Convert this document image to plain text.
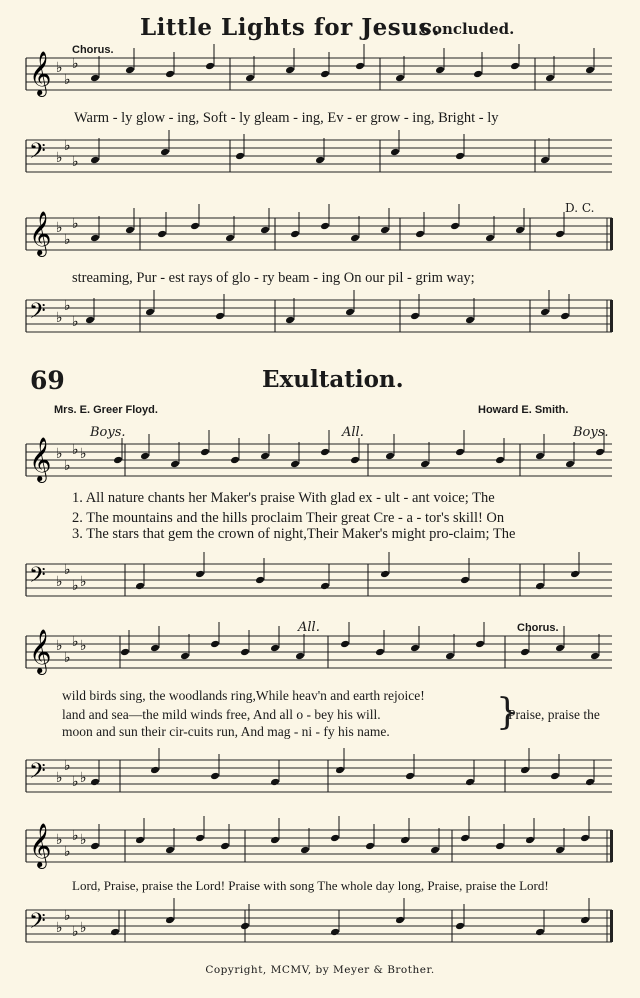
Little Lights for Jesus.
Concluded.
Chorus.
D. C.
Warm - ly glow - ing, Soft - ly gleam - ing, Ev - er grow - ing, Bright - ly
streaming, Pur - est rays of glo - ry beam - ing On our pil - grim way;
69	Exultation.
Mrs. E. Greer Floyd.	Howard E. Smith.
Boys.	All.	Boys.
1. All nature chants her Maker's praise With glad ex - ult - ant voice; The
2. The mountains and the hills proclaim Their great Cre - a - tor's skill! On
3. The stars that gem the crown of night,Their Maker's might pro-claim; The
All.	Chorus.
wild birds sing, the woodlands ring,While heav'n and earth rejoice!
land and sea—the mild winds free, And all o - bey his will.
moon and sun their cir-cuits run, And mag - ni - fy his name.	}
Praise, praise the
Lord, Praise, praise the Lord! Praise with song The whole day long, Praise, praise the Lord!
Copyright, MCMV, by Meyer & Brother.
𝄞 ♭
♭
♭
𝄢 ♭
♭
♭
𝄞 ♭
♭
♭
𝄢 ♭
♭
♭
𝄞 ♭
♭
♭ ♭
𝄢 ♭
♭
♭ ♭
𝄞 ♭
♭
♭ ♭
𝄢 ♭
♭
♭ ♭
𝄞 ♭
♭
♭ ♭
𝄢 ♭
♭
♭ ♭
